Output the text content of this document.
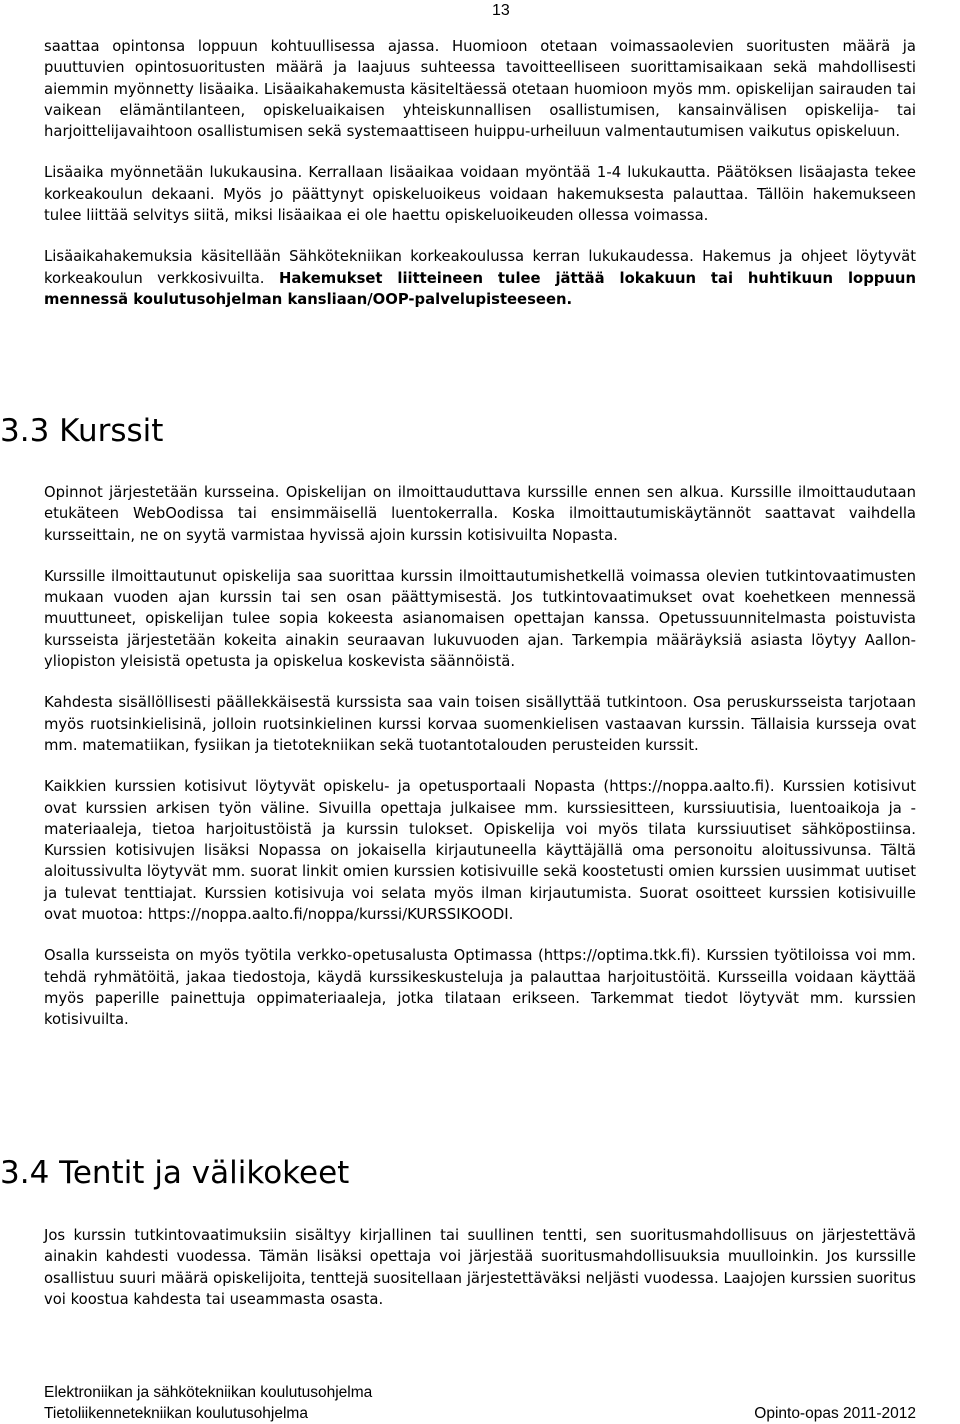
13

saattaa opintonsa loppuun kohtuullisessa ajassa. Huomioon otetaan voimassaolevien suoritusten määrä ja puuttuvien opintosuoritusten määrä ja laajuus suhteessa tavoitteelliseen suorittamisaikaan sekä mahdollisesti aiemmin myönnetty lisäaika. Lisäaikahakemusta käsiteltäessä otetaan huomioon myös mm. opiskelijan sairauden tai vaikean elämäntilanteen, opiskeluaikaisen yhteiskunnallisen osallistumisen, kansainvälisen opiskelija- tai harjoittelijavaihtoon osallistumisen sekä systemaattiseen huippu-urheiluun valmentautumisen vaikutus opiskeluun.

Lisäaika myönnetään lukukausina. Kerrallaan lisäaikaa voidaan myöntää 1-4 lukukautta. Päätöksen lisäajasta tekee korkeakoulun dekaani. Myös jo päättynyt opiskeluoikeus voidaan hakemuksesta palauttaa. Tällöin hakemukseen tulee liittää selvitys siitä, miksi lisäaikaa ei ole haettu opiskeluoikeuden ollessa voimassa.

Lisäaikahakemuksia käsitellään Sähkötekniikan korkeakoulussa kerran lukukaudessa. Hakemus ja ohjeet löytyvät korkeakoulun verkkosivuilta. Hakemukset liitteineen tulee jättää lokakuun tai huhtikuun loppuun mennessä koulutusohjelman kansliaan/OOP-palvelupisteeseen.

3.3 Kurssit

Opinnot järjestetään kursseina. Opiskelijan on ilmoittauduttava kurssille ennen sen alkua. Kurssille ilmoittaudutaan etukäteen WebOodissa tai ensimmäisellä luentokerralla. Koska ilmoittautumiskäytännöt saattavat vaihdella kursseittain, ne on syytä varmistaa hyvissä ajoin kurssin kotisivuilta Nopasta.

Kurssille ilmoittautunut opiskelija saa suorittaa kurssin ilmoittautumishetkellä voimassa olevien tutkintovaatimusten mukaan vuoden ajan kurssin tai sen osan päättymisestä. Jos tutkintovaatimukset ovat koehetkeen mennessä muuttuneet, opiskelijan tulee sopia kokeesta asianomaisen opettajan kanssa. Opetussuunnitelmasta poistuvista kursseista järjestetään kokeita ainakin seuraavan lukuvuoden ajan. Tarkempia määräyksiä asiasta löytyy Aallon-yliopiston yleisistä opetusta ja opiskelua koskevista säännöistä.

Kahdesta sisällöllisesti päällekkäisestä kurssista saa vain toisen sisällyttää tutkintoon. Osa peruskursseista tarjotaan myös ruotsinkielisinä, jolloin ruotsinkielinen kurssi korvaa suomenkielisen vastaavan kurssin. Tällaisia kursseja ovat mm. matematiikan, fysiikan ja tietotekniikan sekä tuotantotalouden perusteiden kurssit.

Kaikkien kurssien kotisivut löytyvät opiskelu- ja opetusportaali Nopasta (https://noppa.aalto.fi). Kurssien kotisivut ovat kurssien arkisen työn väline. Sivuilla opettaja julkaisee mm. kurssiesitteen, kurssiuutisia, luentoaikoja ja -materiaaleja, tietoa harjoitustöistä ja kurssin tulokset. Opiskelija voi myös tilata kurssiuutiset sähköpostiinsa. Kurssien kotisivujen lisäksi Nopassa on jokaisella kirjautuneella käyttäjällä oma personoitu aloitussivunsa. Tältä aloitussivulta löytyvät mm. suorat linkit omien kurssien kotisivuille sekä koostetusti omien kurssien uusimmat uutiset ja tulevat tenttiajat. Kurssien kotisivuja voi selata myös ilman kirjautumista. Suorat osoitteet kurssien kotisivuille ovat muotoa: https://noppa.aalto.fi/noppa/kurssi/KURSSIKOODI.

Osalla kursseista on myös työtila verkko-opetusalusta Optimassa (https://optima.tkk.fi). Kurssien työtiloissa voi mm. tehdä ryhmätöitä, jakaa tiedostoja, käydä kurssikeskusteluja ja palauttaa harjoitustöitä. Kursseilla voidaan käyttää myös paperille painettuja oppimateriaaleja, jotka tilataan erikseen. Tarkemmat tiedot löytyvät mm. kurssien kotisivuilta.

3.4 Tentit ja välikokeet

Jos kurssin tutkintovaatimuksiin sisältyy kirjallinen tai suullinen tentti, sen suoritusmahdollisuus on järjestettävä ainakin kahdesti vuodessa. Tämän lisäksi opettaja voi järjestää suoritusmahdollisuuksia muulloinkin. Jos kurssille osallistuu suuri määrä opiskelijoita, tenttejä suositellaan järjestettäväksi neljästi vuodessa. Laajojen kurssien suoritus voi koostua kahdesta tai useammasta osasta.

Elektroniikan ja sähkötekniikan koulutusohjelma
Tietoliikennetekniikan koulutusohjelma	Opinto-opas 2011-2012
